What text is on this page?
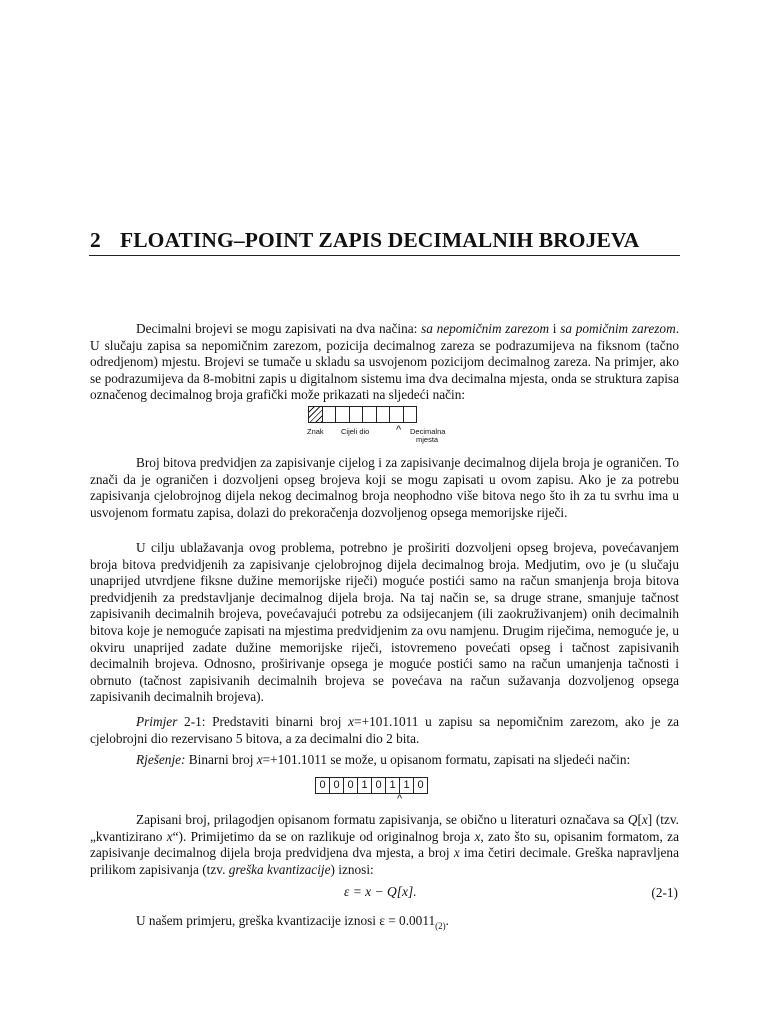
2 FLOATING–POINT ZAPIS DECIMALNIH BROJEVA

Decimalni brojevi se mogu zapisivati na dva načina: sa nepomičnim zarezom i sa pomičnim zarezom. U slučaju zapisa sa nepomičnim zarezom, pozicija decimalnog zareza se podrazumijeva na fiksnom (tačno odredjenom) mjestu. Brojevi se tumače u skladu sa usvojenom pozicijom decimalnog zareza. Na primjer, ako se podrazumijeva da 8-mobitni zapis u digitalnom sistemu ima dva decimalna mjesta, onda se struktura zapisa označenog decimalnog broja grafički može prikazati na sljedeći način:

^
Znak Cijeli dio	Decimalna
mjesta

Broj bitova predvidjen za zapisivanje cijelog i za zapisivanje decimalnog dijela broja je ograničen. To znači da je ograničen i dozvoljeni opseg brojeva koji se mogu zapisati u ovom zapisu. Ako je za potrebu zapisivanja cjelobrojnog dijela nekog decimalnog broja neophodno više bitova nego što ih za tu svrhu ima u usvojenom formatu zapisa, dolazi do prekoračenja dozvoljenog opsega memorijske riječi.

U cilju ublažavanja ovog problema, potrebno je proširiti dozvoljeni opseg brojeva, povećavanjem broja bitova predvidjenih za zapisivanje cjelobrojnog dijela decimalnog broja. Medjutim, ovo je (u slučaju unaprijed utvrdjene fiksne dužine memorijske riječi) moguće postići samo na račun smanjenja broja bitova predvidjenih za predstavljanje decimalnog dijela broja. Na taj način se, sa druge strane, smanjuje tačnost zapisivanih decimalnih brojeva, povećavajući potrebu za odsijecanjem (ili zaokruživanjem) onih decimalnih bitova koje je nemoguće zapisati na mjestima predvidjenim za ovu namjenu. Drugim riječima, nemoguće je, u okviru unaprijed zadate dužine memorijske riječi, istovremeno povećati opseg i tačnost zapisivanih decimalnih brojeva. Odnosno, proširivanje opsega je moguće postići samo na račun umanjenja tačnosti i obrnuto (tačnost zapisivanih decimalnih brojeva se povećava na račun sužavanja dozvoljenog opsega zapisivanih decimalnih brojeva).

Primjer 2-1: Predstaviti binarni broj x=+101.1011 u zapisu sa nepomičnim zarezom, ako je za cjelobrojni dio rezervisano 5 bitova, a za decimalni dio 2 bita.

Rješenje: Binarni broj x=+101.1011 se može, u opisanom formatu, zapisati na sljedeći način:

0 0 0 1 0 1 1 0
^

Zapisani broj, prilagodjen opisanom formatu zapisivanja, se obično u literaturi označava sa Q[x] (tzv. „kvantizirano x“). Primijetimo da se on razlikuje od originalnog broja x, zato što su, opisanim formatom, za zapisivanje decimalnog dijela broja predvidjena dva mjesta, a broj x ima četiri decimale. Greška napravljena prilikom zapisivanja (tzv. greška kvantizacije) iznosi:

ε = x − Q[x].	(2-1)
U našem primjeru, greška kvantizacije iznosi $\varepsilon = 0.0011_{(2)}$.
